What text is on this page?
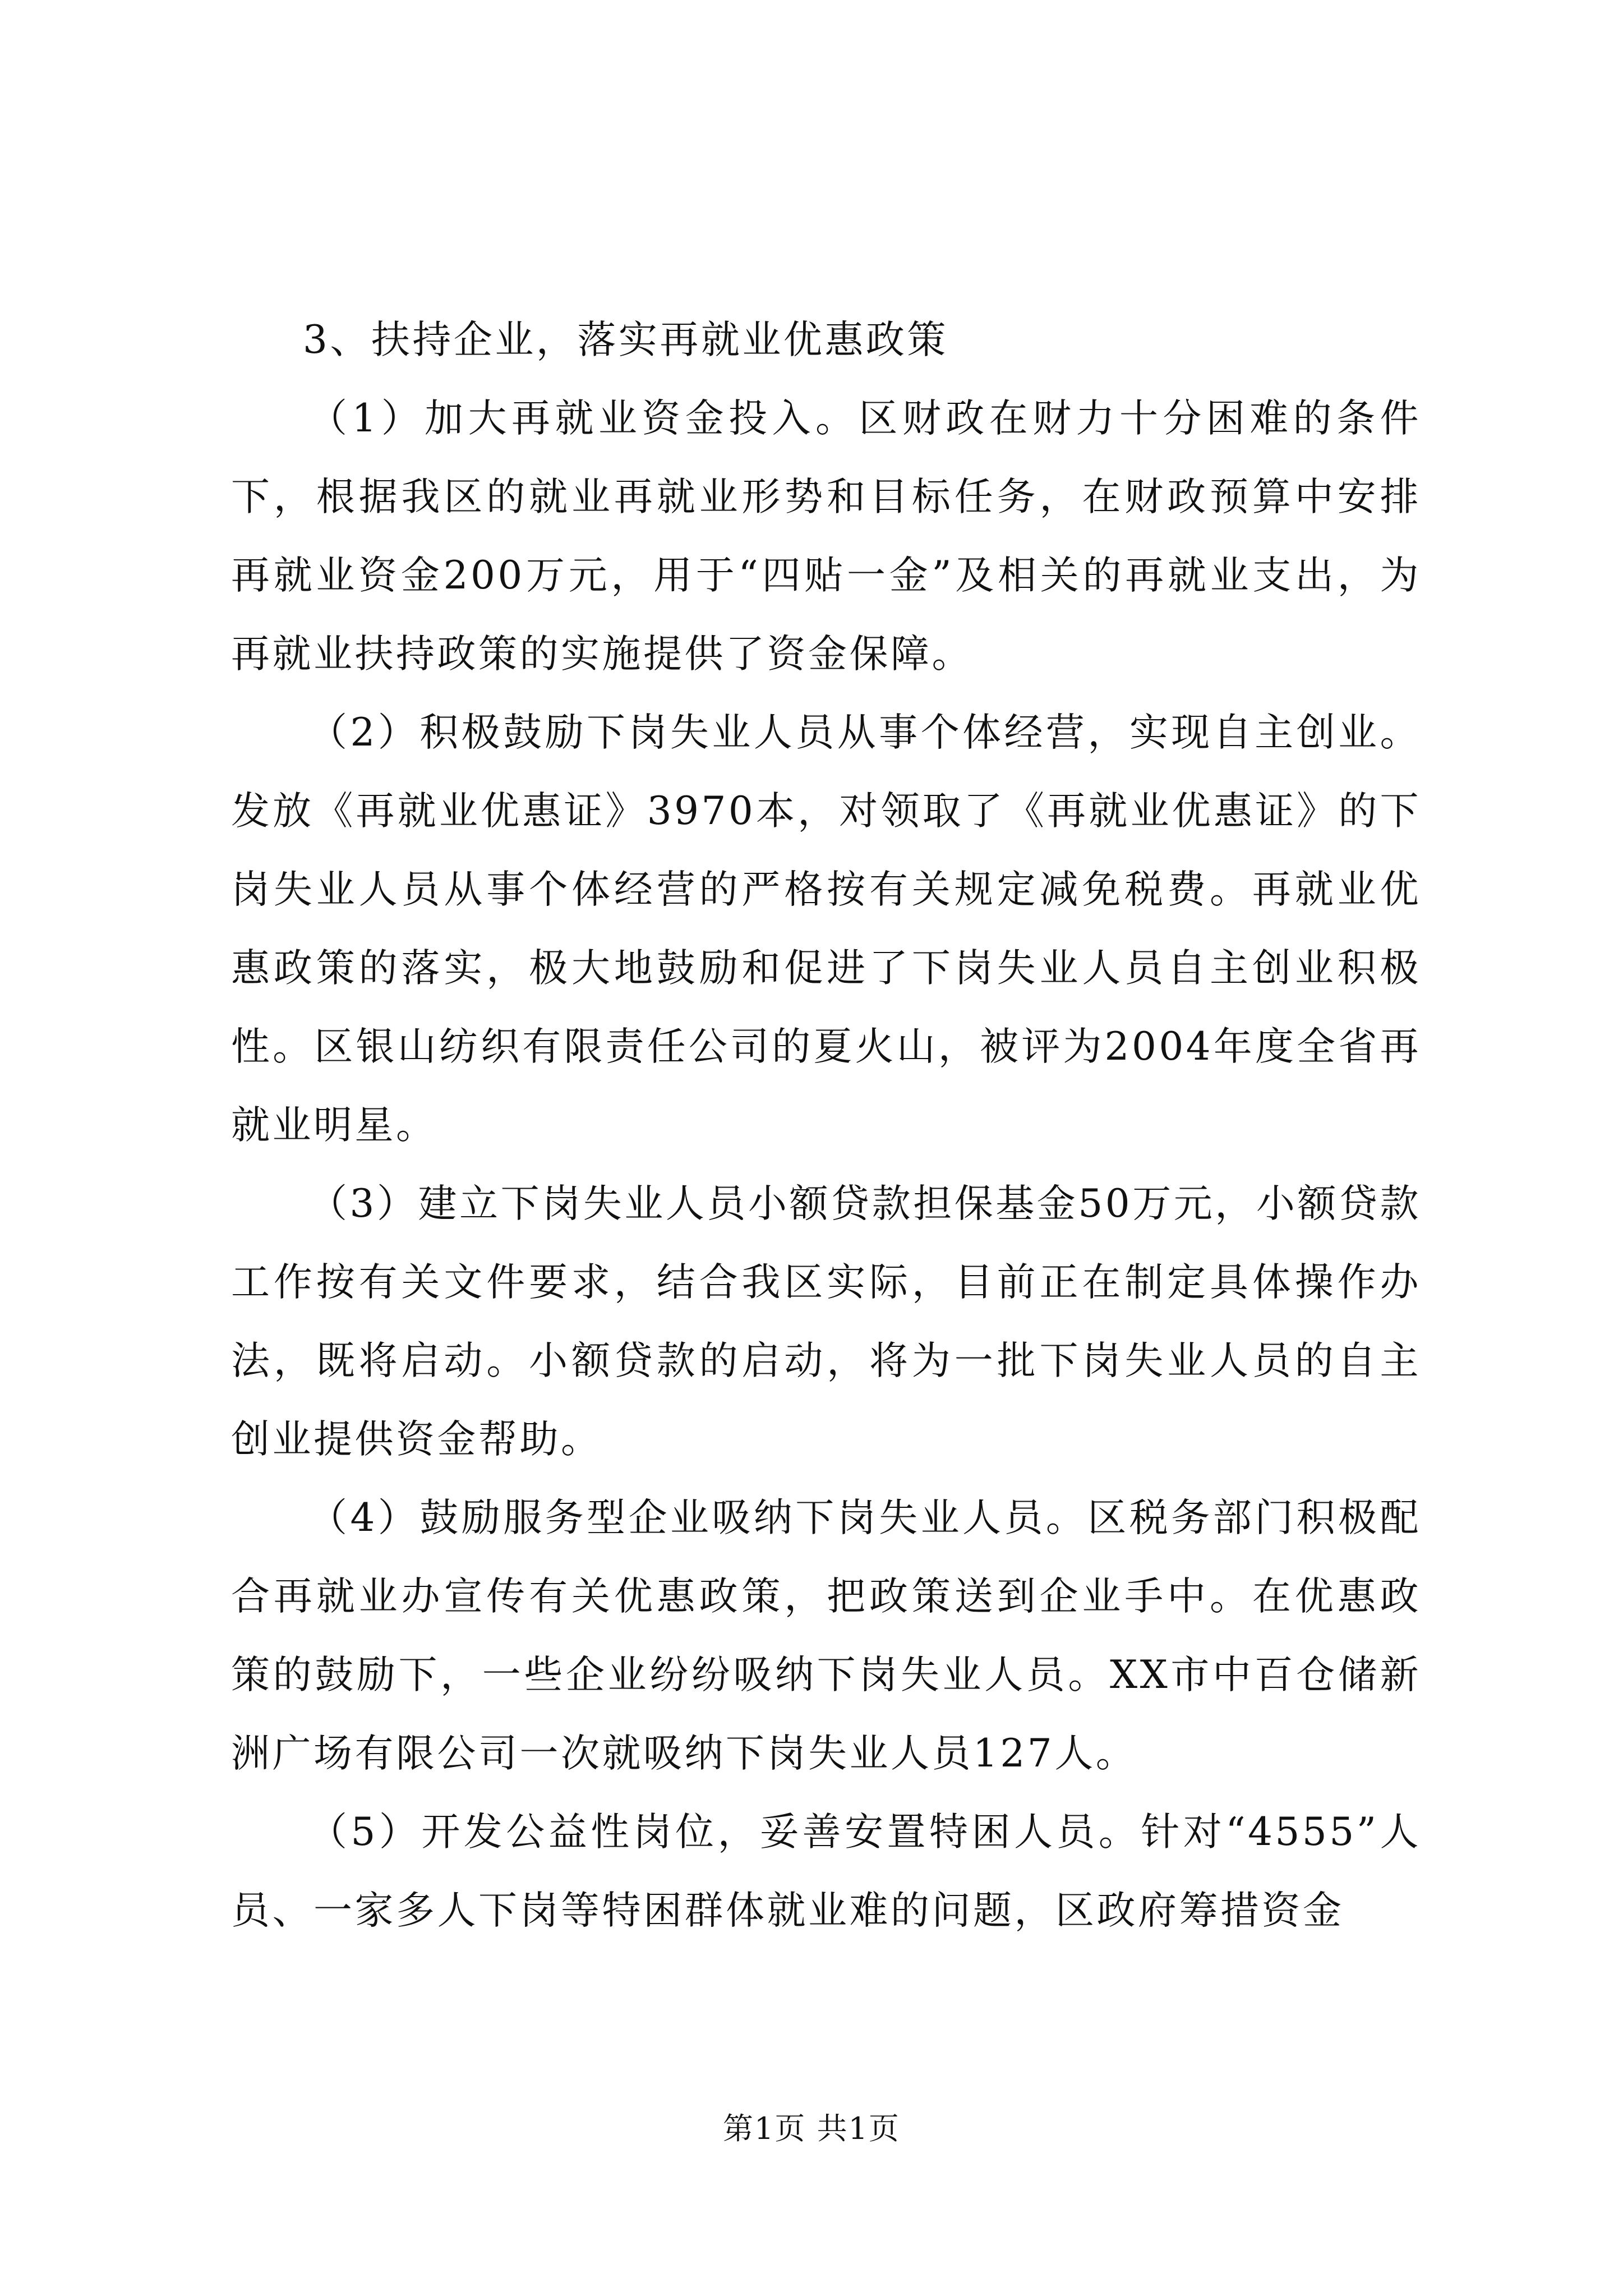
3、扶持企业，落实再就业优惠政策

（1）加大再就业资金投入。区财政在财力十分困难的条件下，根据我区的就业再就业形势和目标任务，在财政预算中安排再就业资金200万元，用于“四贴一金”及相关的再就业支出，为再就业扶持政策的实施提供了资金保障。

（2）积极鼓励下岗失业人员从事个体经营，实现自主创业。发放《再就业优惠证》3970本，对领取了《再就业优惠证》的下岗失业人员从事个体经营的严格按有关规定减免税费。再就业优惠政策的落实，极大地鼓励和促进了下岗失业人员自主创业积极性。区银山纺织有限责任公司的夏火山，被评为2004年度全省再就业明星。

（3）建立下岗失业人员小额贷款担保基金50万元，小额贷款工作按有关文件要求，结合我区实际，目前正在制定具体操作办法，既将启动。小额贷款的启动，将为一批下岗失业人员的自主创业提供资金帮助。

（4）鼓励服务型企业吸纳下岗失业人员。区税务部门积极配合再就业办宣传有关优惠政策，把政策送到企业手中。在优惠政策的鼓励下，一些企业纷纷吸纳下岗失业人员。XX市中百仓储新洲广场有限公司一次就吸纳下岗失业人员127人。

（5）开发公益性岗位，妥善安置特困人员。针对“4555”人员、一家多人下岗等特困群体就业难的问题，区政府筹措资金

第1页 共1页
